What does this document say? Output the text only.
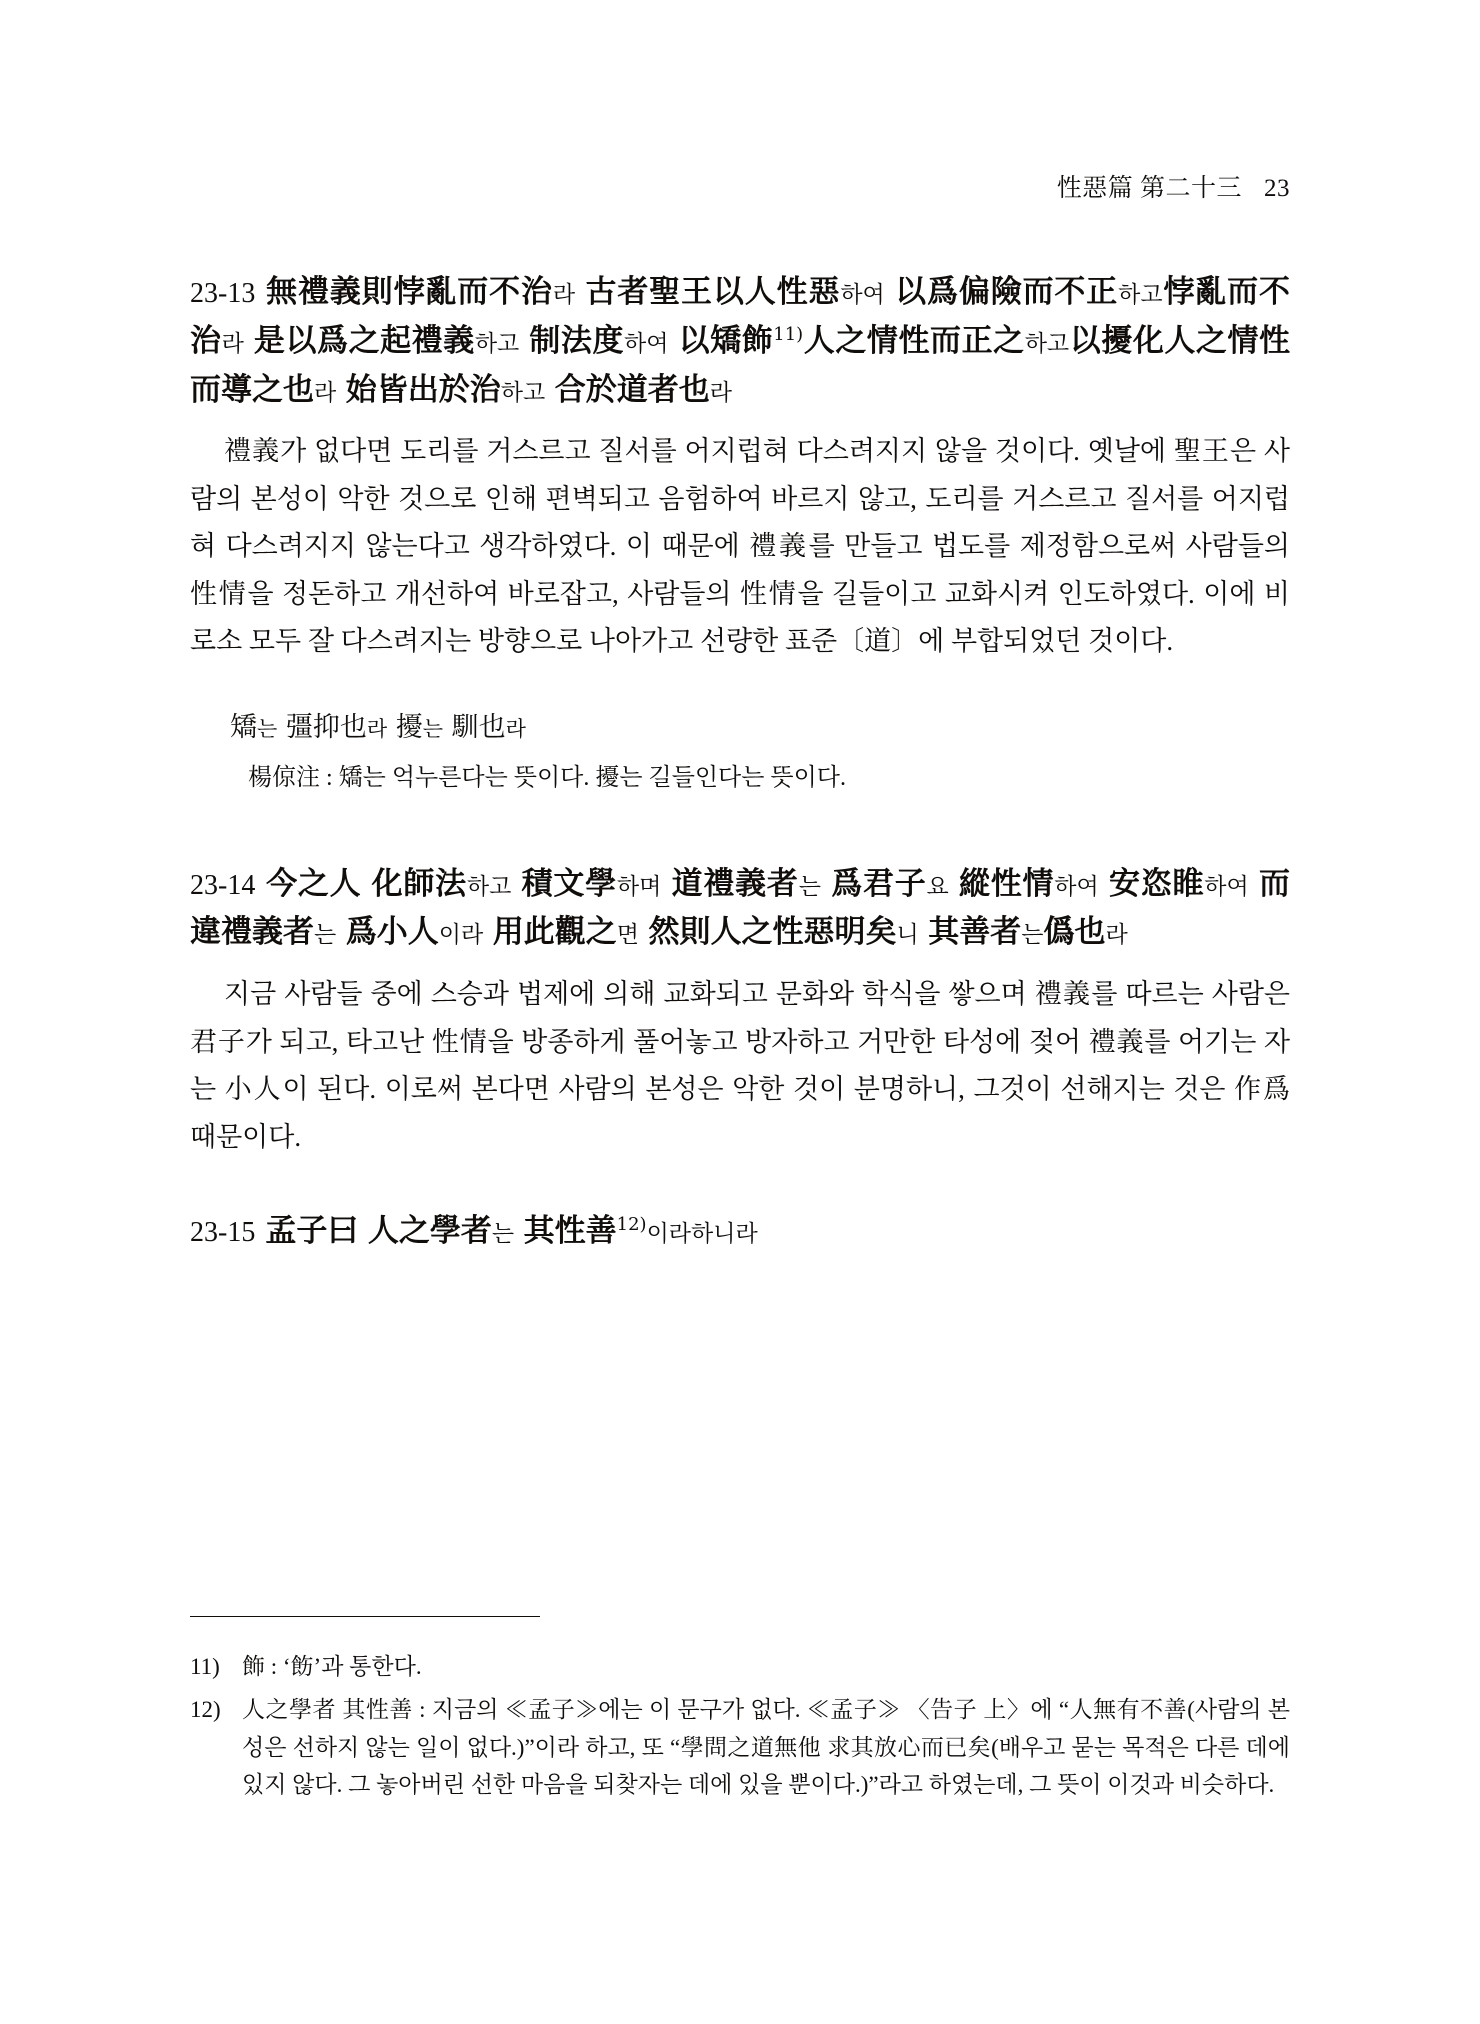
性惡篇 第二十三 23

23-13 無禮義則悖亂而不治라 古者聖王以人性惡하여 以爲偏險而不正하고悖亂而不治라 是以爲之起禮義하고 制法度하여 以矯飾$^{11)}$人之情性而正之하고以擾化人之情性而導之也라 始皆出於治하고 合於道者也라

禮義가 없다면 도리를 거스르고 질서를 어지럽혀 다스려지지 않을 것이다. 옛날에 聖王은 사람의 본성이 악한 것으로 인해 편벽되고 음험하여 바르지 않고, 도리를 거스르고 질서를 어지럽혀 다스려지지 않는다고 생각하였다. 이 때문에 禮義를 만들고 법도를 제정함으로써 사람들의 性情을 정돈하고 개선하여 바로잡고, 사람들의 性情을 길들이고 교화시켜 인도하였다. 이에 비로소 모두 잘 다스려지는 방향으로 나아가고 선량한 표준〔道〕에 부합되었던 것이다.

矯는 彊抑也라 擾는 馴也라

楊倞注 : 矯는 억누른다는 뜻이다. 擾는 길들인다는 뜻이다.

23-14 今之人 化師法하고 積文學하며 道禮義者는 爲君子요 縱性情하여 安恣睢하여 而違禮義者는 爲小人이라 用此觀之면 然則人之性惡明矣니 其善者는僞也라

지금 사람들 중에 스승과 법제에 의해 교화되고 문화와 학식을 쌓으며 禮義를 따르는 사람은 君子가 되고, 타고난 性情을 방종하게 풀어놓고 방자하고 거만한 타성에 젖어 禮義를 어기는 자는 小人이 된다. 이로써 본다면 사람의 본성은 악한 것이 분명하니, 그것이 선해지는 것은 作爲 때문이다.

23-15 孟子曰 人之學者는 其性善$^{12)}$이라하니라

11) 飾 : ‘飭’과 통한다.
12) 人之學者 其性善 : 지금의 ≪孟子≫에는 이 문구가 없다. ≪孟子≫ 〈告子 上〉에 “人無有不善(사람의 본성은 선하지 않는 일이 없다.)”이라 하고, 또 “學問之道無他 求其放心而已矣(배우고 묻는 목적은 다른 데에 있지 않다. 그 놓아버린 선한 마음을 되찾자는 데에 있을 뿐이다.)”라고 하였는데, 그 뜻이 이것과 비슷하다.
